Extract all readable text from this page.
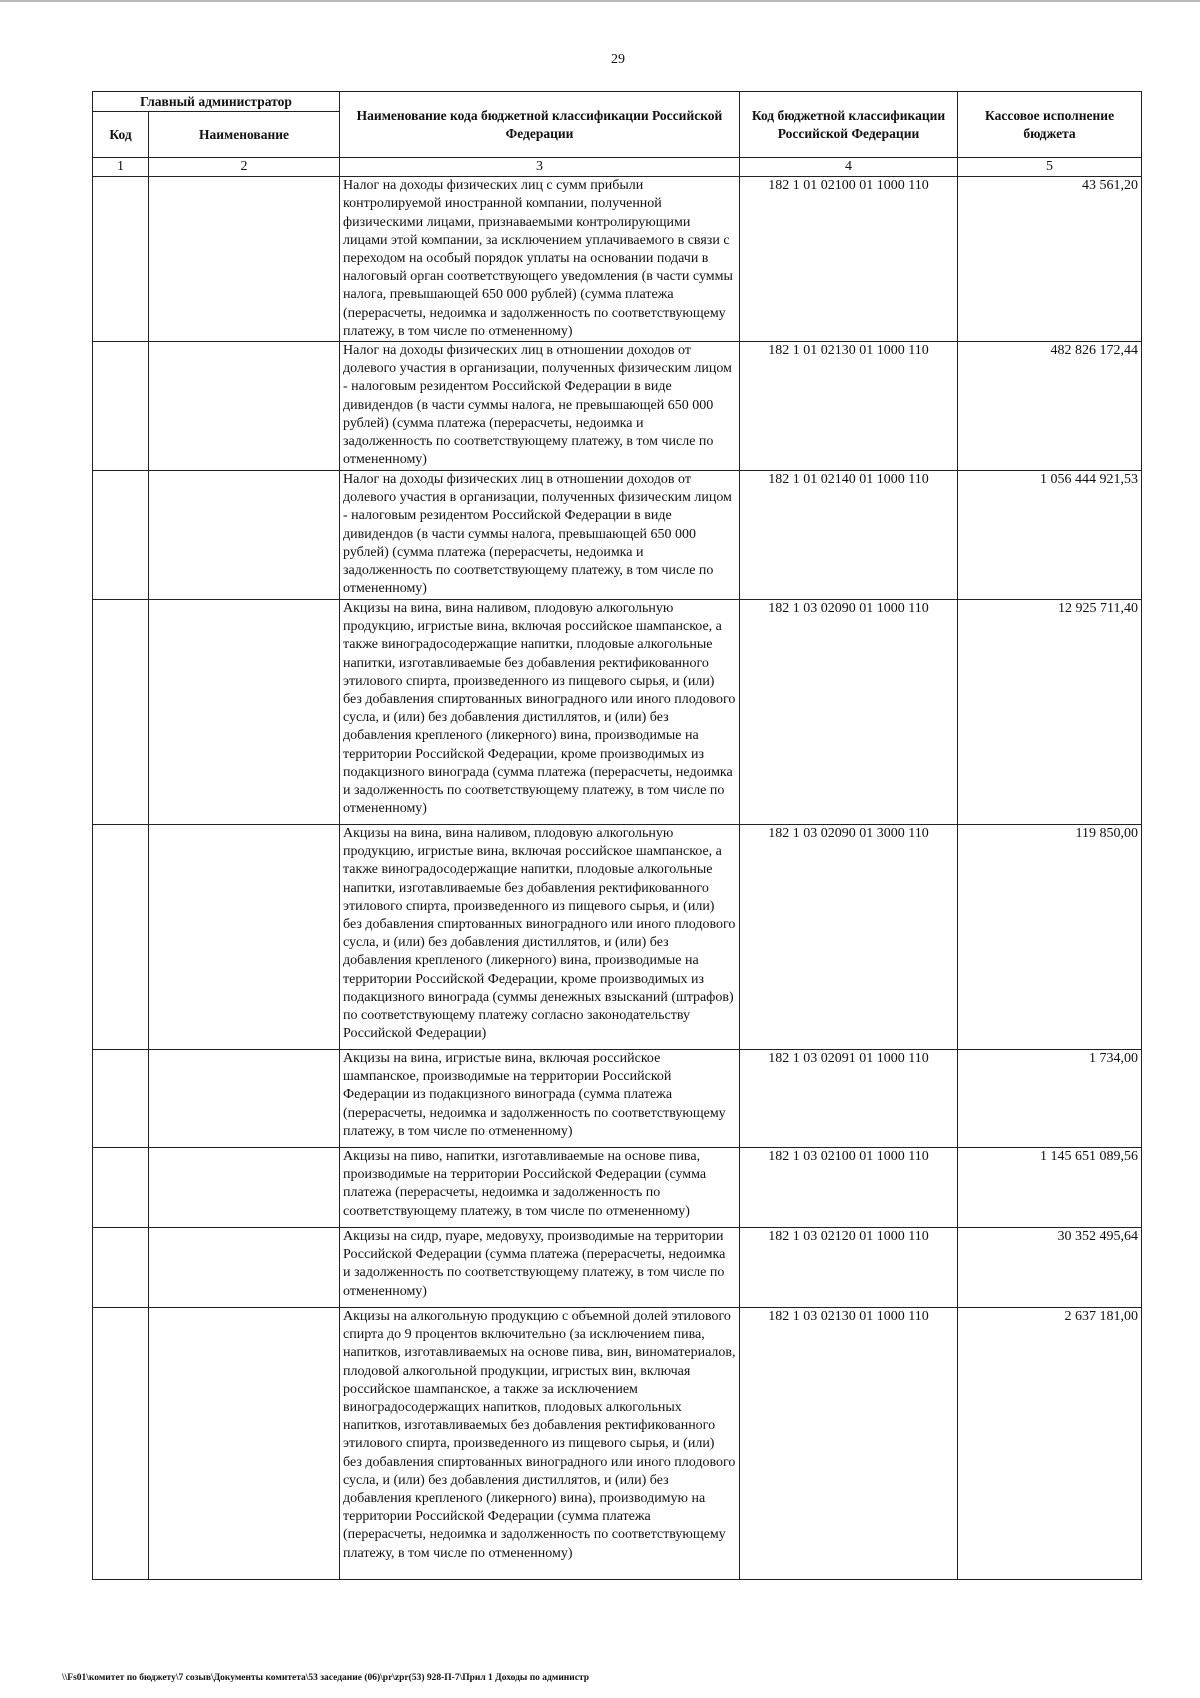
29
Главный администратор		Наименование кода бюджетной классификации Российской Федерации	Код бюджетной классификации Российской Федерации	Кассовое исполнение бюджета
Код	Наименование			
1	2	3	4	5
		Налог на доходы физических лиц с сумм прибыли контролируемой иностранной компании, полученной физическими лицами, признаваемыми контролирующими лицами этой компании, за исключением уплачиваемого в связи с переходом на особый порядок уплаты на основании подачи в налоговый орган соответствующего уведомления (в части суммы налога, превышающей 650 000 рублей) (сумма платежа (перерасчеты, недоимка и задолженность по соответствующему платежу, в том числе по отмененному)	182 1 01 02100 01 1000 110	43 561,20
		Налог на доходы физических лиц в отношении доходов от долевого участия в организации, полученных физическим лицом - налоговым резидентом Российской Федерации в виде дивидендов (в части суммы налога, не превышающей 650 000 рублей) (сумма платежа (перерасчеты, недоимка и задолженность по соответствующему платежу, в том числе по отмененному)	182 1 01 02130 01 1000 110	482 826 172,44
		Налог на доходы физических лиц в отношении доходов от долевого участия в организации, полученных физическим лицом - налоговым резидентом Российской Федерации в виде дивидендов (в части суммы налога, превышающей 650 000 рублей) (сумма платежа (перерасчеты, недоимка и задолженность по соответствующему платежу, в том числе по отмененному)	182 1 01 02140 01 1000 110	1 056 444 921,53
		Акцизы на вина, вина наливом, плодовую алкогольную продукцию, игристые вина, включая российское шампанское, а также виноградосодержащие напитки, плодовые алкогольные напитки, изготавливаемые без добавления ректификованного этилового спирта, произведенного из пищевого сырья, и (или) без добавления спиртованных виноградного или иного плодового сусла, и (или) без добавления дистиллятов, и (или) без добавления крепленого (ликерного) вина, производимые на территории Российской Федерации, кроме производимых из подакцизного винограда (сумма платежа (перерасчеты, недоимка и задолженность по соответствующему платежу, в том числе по отмененному)	182 1 03 02090 01 1000 110	12 925 711,40
		Акцизы на вина, вина наливом, плодовую алкогольную продукцию, игристые вина, включая российское шампанское, а также виноградосодержащие напитки, плодовые алкогольные напитки, изготавливаемые без добавления ректификованного этилового спирта, произведенного из пищевого сырья, и (или) без добавления спиртованных виноградного или иного плодового сусла, и (или) без добавления дистиллятов, и (или) без добавления крепленого (ликерного) вина, производимые на территории Российской Федерации, кроме производимых из подакцизного винограда (суммы денежных взысканий (штрафов) по соответствующему платежу согласно законодательству Российской Федерации)	182 1 03 02090 01 3000 110	119 850,00
		Акцизы на вина, игристые вина, включая российское шампанское, производимые на территории Российской Федерации из подакцизного винограда (сумма платежа (перерасчеты, недоимка и задолженность по соответствующему платежу, в том числе по отмененному)	182 1 03 02091 01 1000 110	1 734,00
		Акцизы на пиво, напитки, изготавливаемые на основе пива, производимые на территории Российской Федерации (сумма платежа (перерасчеты, недоимка и задолженность по соответствующему платежу, в том числе по отмененному)	182 1 03 02100 01 1000 110	1 145 651 089,56
		Акцизы на сидр, пуаре, медовуху, производимые на территории Российской Федерации (сумма платежа (перерасчеты, недоимка и задолженность по соответствующему платежу, в том числе по отмененному)	182 1 03 02120 01 1000 110	30 352 495,64
		Акцизы на алкогольную продукцию с объемной долей этилового спирта до 9 процентов включительно (за исключением пива, напитков, изготавливаемых на основе пива, вин, виноматериалов, плодовой алкогольной продукции, игристых вин, включая российское шампанское, а также за исключением виноградосодержащих напитков, плодовых алкогольных напитков, изготавливаемых без добавления ректификованного этилового спирта, произведенного из пищевого сырья, и (или) без добавления спиртованных виноградного или иного плодового сусла, и (или) без добавления дистиллятов, и (или) без добавления крепленого (ликерного) вина), производимую на территории Российской Федерации (сумма платежа (перерасчеты, недоимка и задолженность по соответствующему платежу, в том числе по отмененному)	182 1 03 02130 01 1000 110	2 637 181,00
\\Fs01\комитет по бюджету\7 созыв\Документы комитета\53 заседание (06)\pr\zpr(53) 928-П-7\Прил 1 Доходы по администр
